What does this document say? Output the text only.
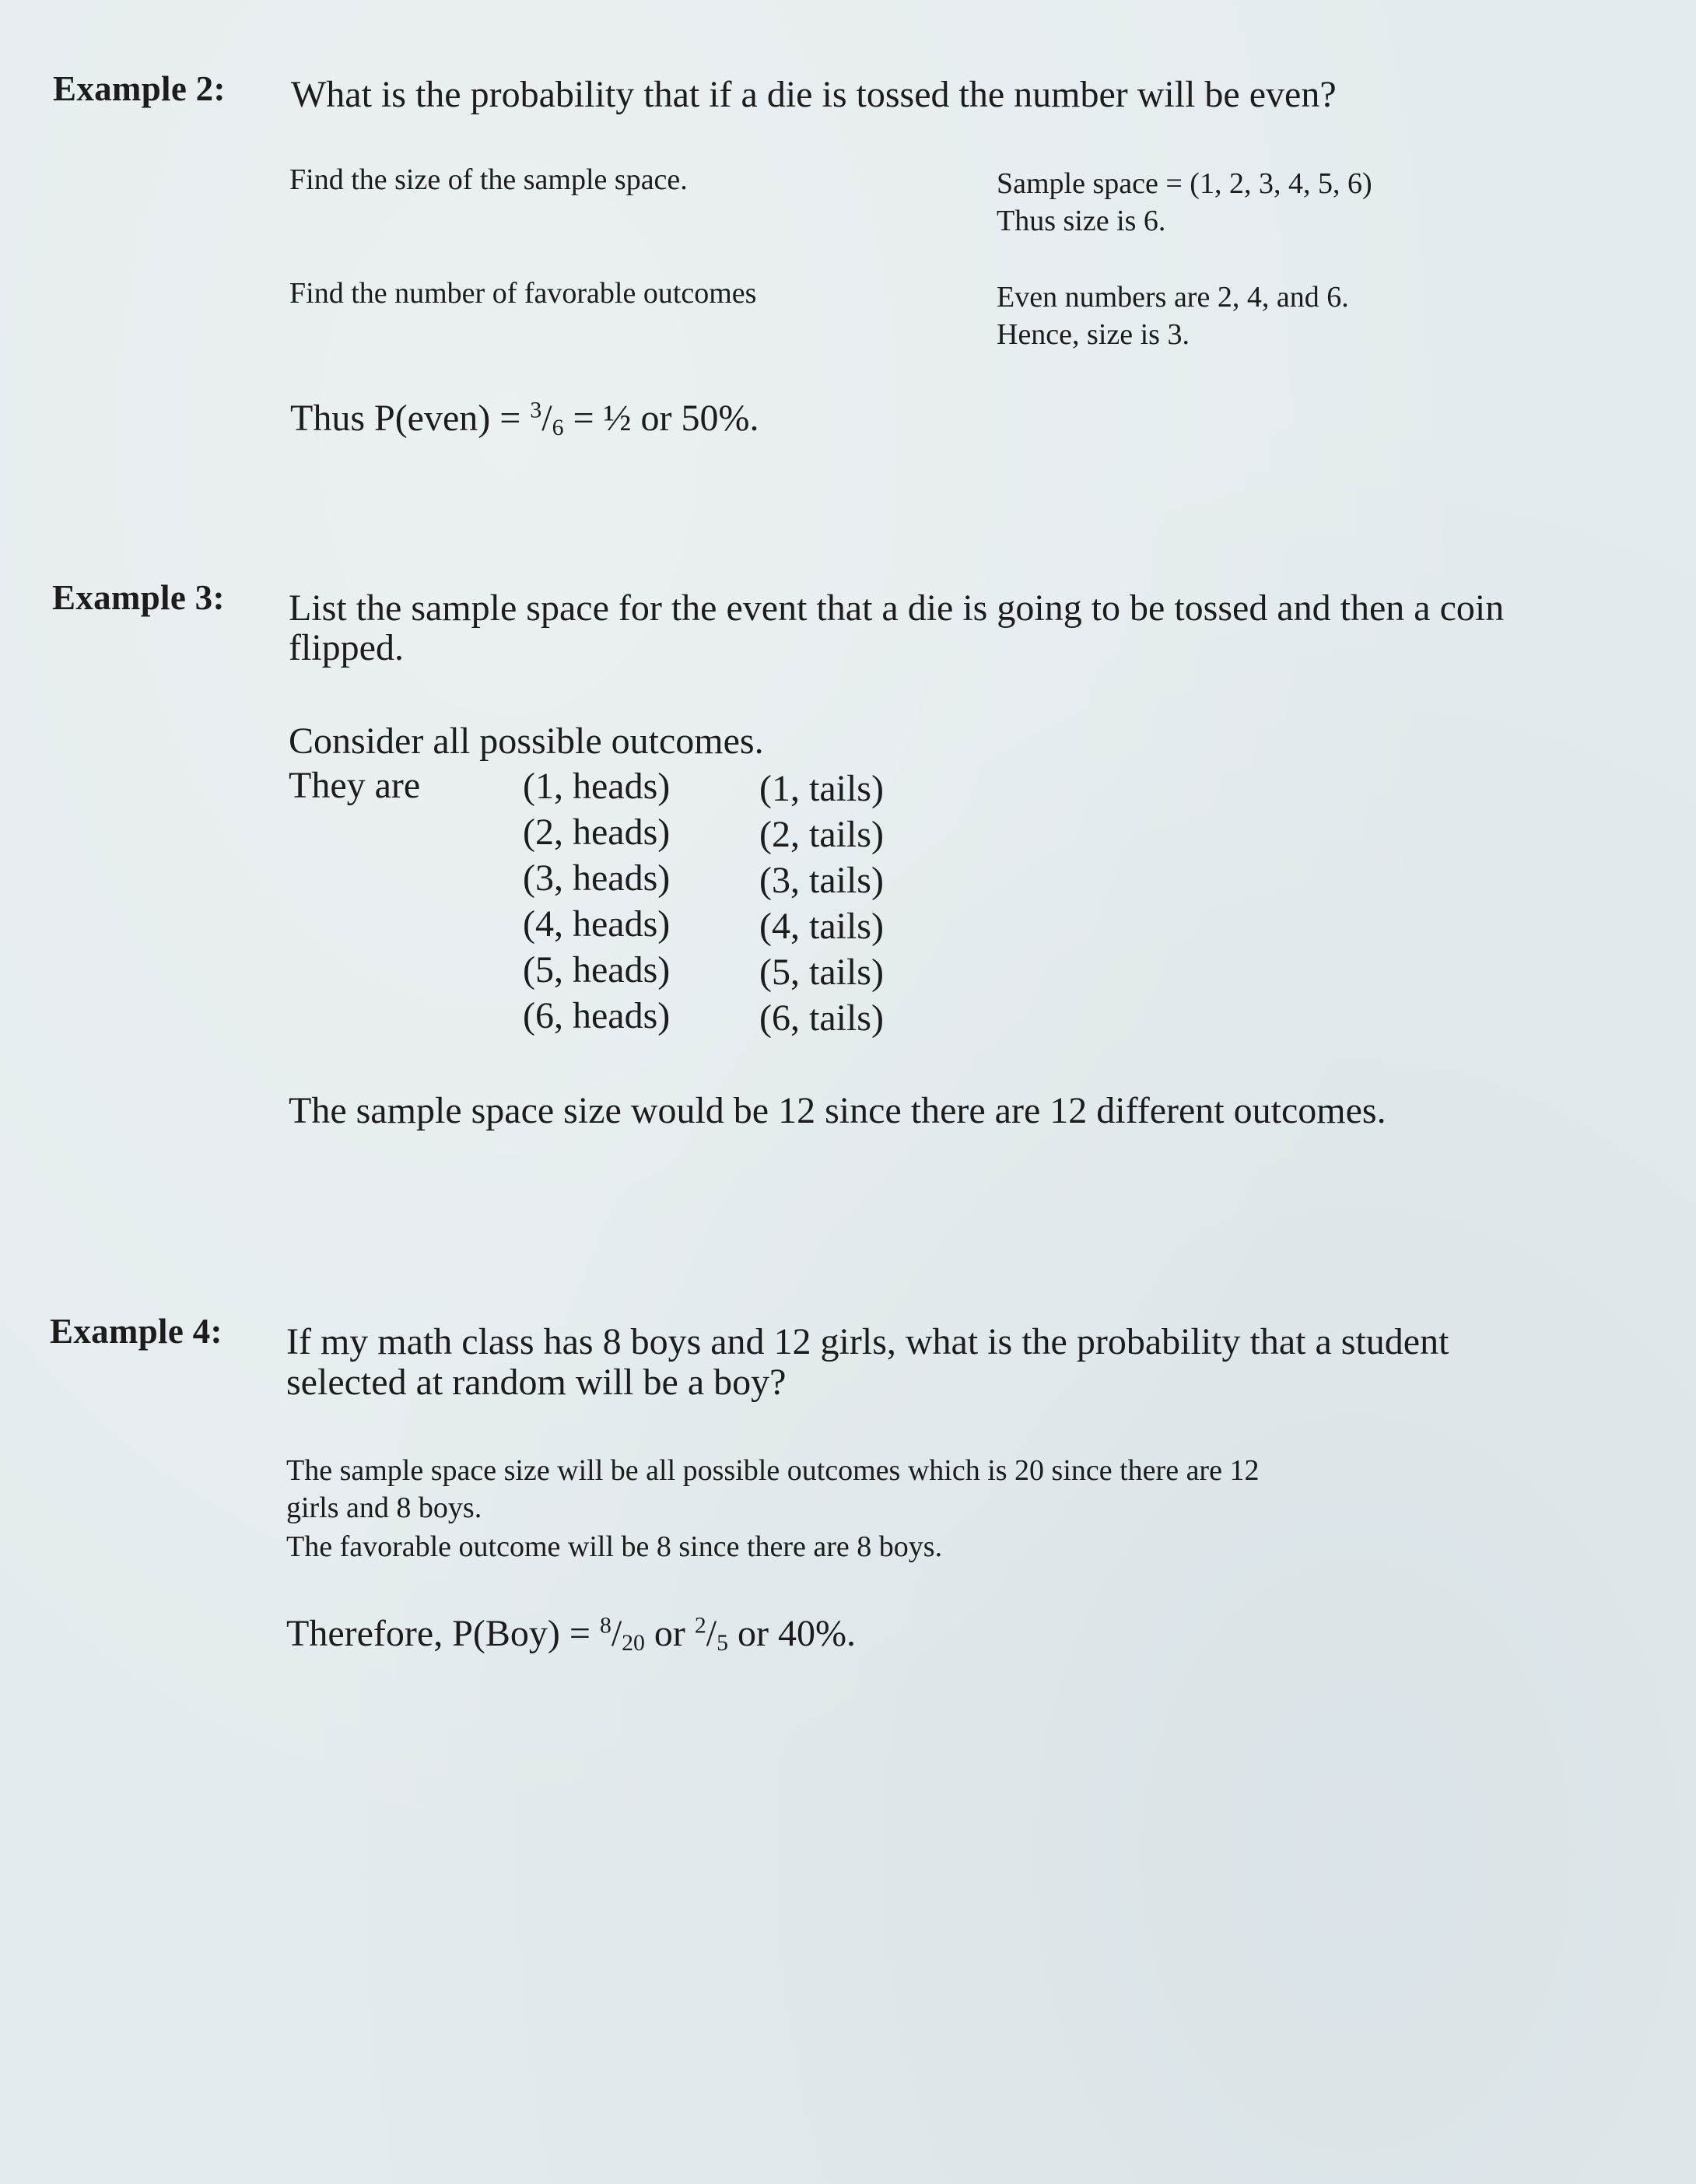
Example 2: What is the probability that if a die is tossed the number will be even?
Find the size of the sample space.	Sample space = (1, 2, 3, 4, 5, 6)
Thus size is 6.
Find the number of favorable outcomes	Even numbers are 2, 4, and 6.
Hence, size is 3.
Thus P(even) = $^3/_6$ = ½ or 50%.
Example 3: List the sample space for the event that a die is going to be tossed and then a coin
flipped.
Consider all possible outcomes.
They are	(1, heads) (1, tails)
(2, heads) (2, tails)
(3, heads) (3, tails)
(4, heads) (4, tails)
(5, heads) (5, tails)
(6, heads) (6, tails)
The sample space size would be 12 since there are 12 different outcomes.
Example 4: If my math class has 8 boys and 12 girls, what is the probability that a student
selected at random will be a boy?
The sample space size will be all possible outcomes which is 20 since there are 12
girls and 8 boys.
The favorable outcome will be 8 since there are 8 boys.
Therefore, $P(Boy) = ^8/_{20}$ or $^2/_5$ or 40%.
